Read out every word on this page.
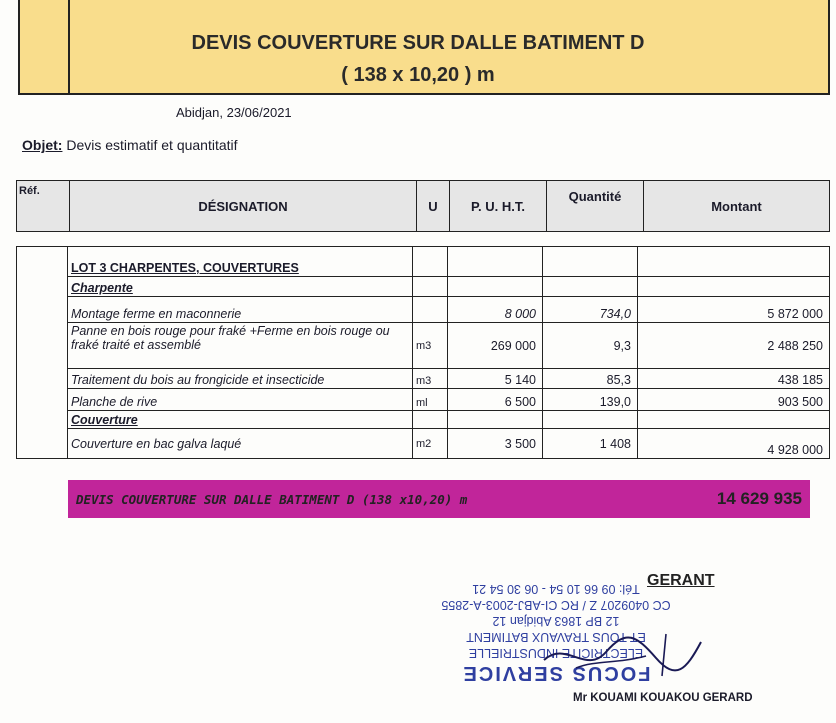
DEVIS COUVERTURE SUR DALLE BATIMENT D
( 138 x 10,20 ) m
Abidjan, 23/06/2021
Objet: Devis estimatif et quantitatif
Réf.	DÉSIGNATION	U	P. U. H.T.	Quantité	Montant
	LOT 3 CHARPENTES, COUVERTURES				
	Charpente				
	Montage ferme en maconnerie		8 000	734,0	5 872 000
	Panne en bois rouge pour fraké +Ferme en bois rouge ou fraké traité et assemblé	m3	269 000	9,3	2 488 250
	Traitement du bois au frongicide et insecticide	m3	5 140	85,3	438 185
	Planche de rive	ml	6 500	139,0	903 500
	Couverture				
	Couverture en bac galva laqué	m2	3 500	1 408	4 928 000
DEVIS COUVERTURE SUR DALLE BATIMENT D (138 x10,20) m	14 629 935
FOCUS SERVICE
ELECTRICITE INDUSTRIELLE
ET TOUS TRAVAUX BATIMENT
12 BP 1863 Abidjan 12
CC 0409207 Z / RC CI-ABJ-2003-A-2855
Tél: 09 66 10 54 - 06 30 54 21 GERANT
Mr KOUAMI KOUAKOU GERARD
